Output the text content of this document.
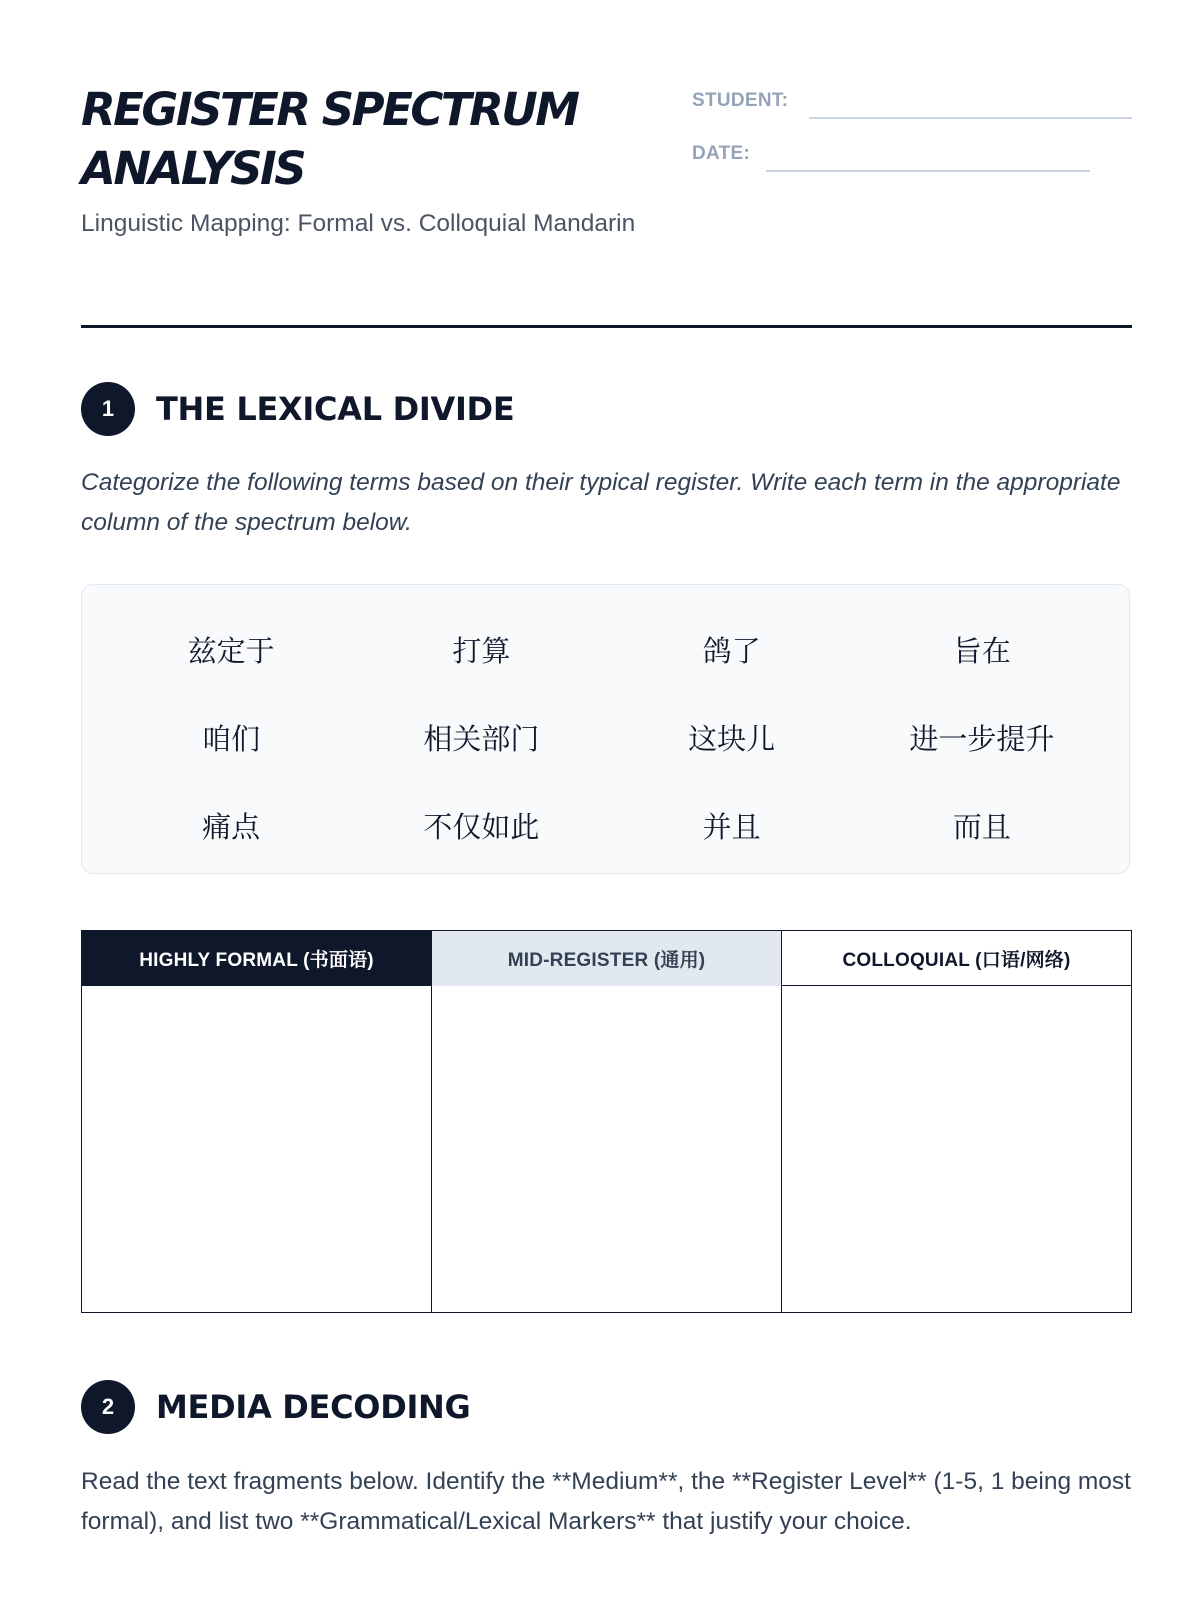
REGISTER SPECTRUM ANALYSIS
Linguistic Mapping: Formal vs. Colloquial Mandarin
STUDENT:
DATE:
1	THE LEXICAL DIVIDE
Categorize the following terms based on their typical register. Write each term in the appropriate column of the spectrum below.
兹定于	打算	鸽了	旨在
咱们	相关部门	这块儿	进一步提升
痛点	不仅如此	并且	而且
HIGHLY FORMAL (书面语)	MID-REGISTER (通用)	COLLOQUIAL (口语/网络)
2	MEDIA DECODING
Read the text fragments below. Identify the **Medium**, the **Register Level** (1-5, 1 being most formal), and list two **Grammatical/Lexical Markers** that justify your choice.
